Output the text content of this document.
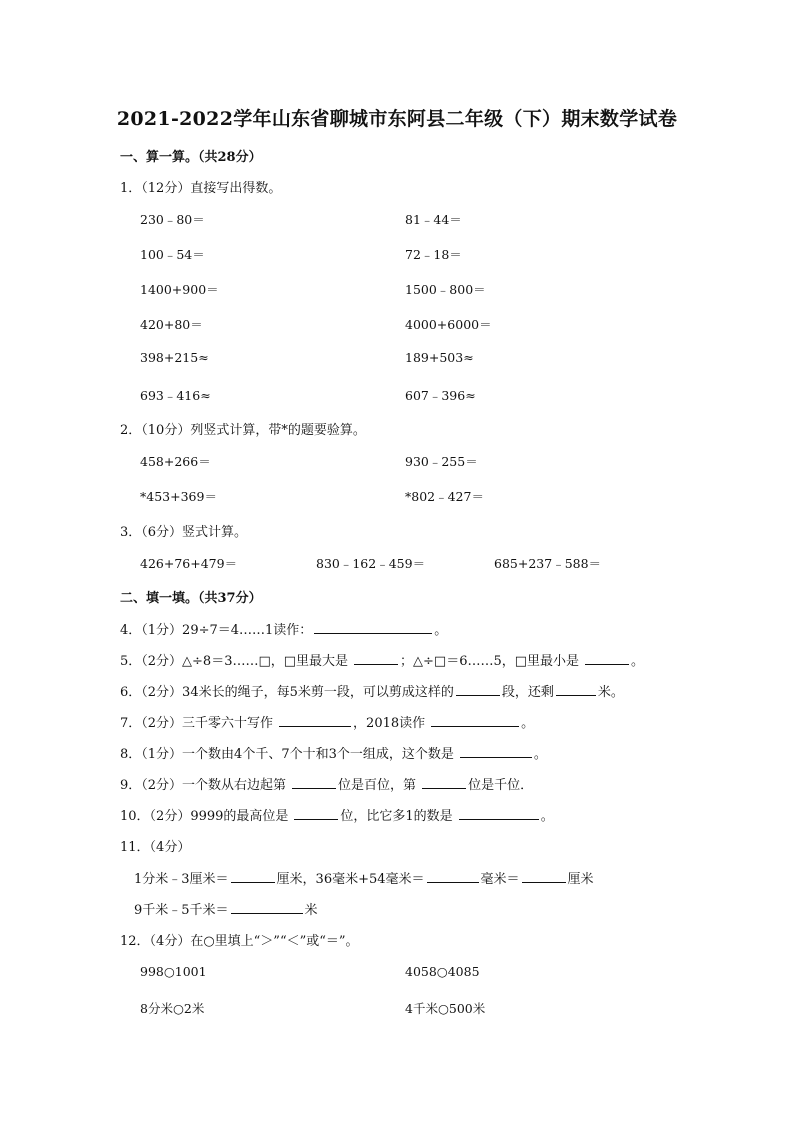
2021-2022学年山东省聊城市东阿县二年级（下）期末数学试卷
一、算一算。（共28分）
1．（12分）直接写出得数。
230﹣80＝	81﹣44＝
100﹣54＝	72﹣18＝
1400+900＝	1500﹣800＝
420+80＝	4000+6000＝
398+215≈	189+503≈
693﹣416≈	607﹣396≈
2．（10分）列竖式计算，带*的题要验算。
458+266＝	930﹣255＝
*453+369＝	*802﹣427＝
3．（6分）竖式计算。
426+76+479＝	830﹣162﹣459＝	685+237﹣588＝
二、填一填。（共37分）
4．（1分）29÷7＝4……1读作：	。
5．（2分）△÷8＝3……□，□里最大是	；△÷□＝6……5，□里最小是	。
6．（2分）34米长的绳子，每5米剪一段，可以剪成这样的	段，还剩	米。
7．（2分）三千零六十写作	，2018读作	。
8．（1分）一个数由4个千、7个十和3个一组成，这个数是	。
9．（2分）一个数从右边起第	位是百位，第	位是千位．
10．（2分）9999的最高位是	位，比它多1的数是	。
11．（4分）
1分米﹣3厘米＝	厘米，36毫米+54毫米＝	毫米＝	厘米
9千米﹣5千米＝	米
12．（4分）在○里填上“＞”“＜”或“＝”。
998○1001	4058○4085
8分米○2米	4千米○500米
